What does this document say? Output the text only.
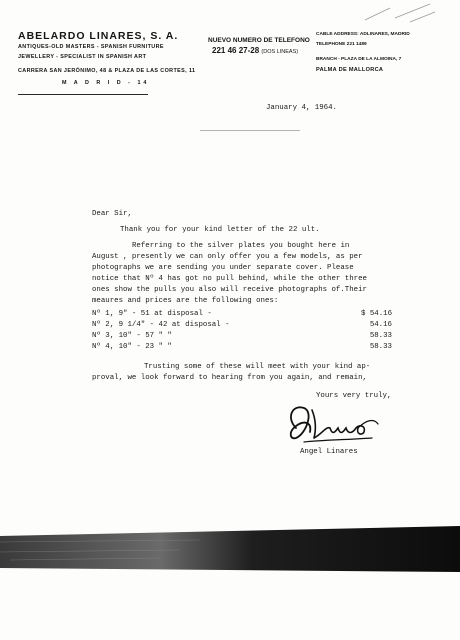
ABELARDO LINARES, S. A.
ANTIQUES-OLD MASTERS - SPANISH FURNITURE
JEWELLERY - SPECIALIST IN SPANISH ART
CARRERA SAN JERÓNIMO, 48 & PLAZA DE LAS CORTES, 11
M A D R I D - 14
NUEVO NUMERO DE TELEFONO
221 46 27-28 (DOS LINEAS)
CABLE ADDRESS: ADLINARES, MADRID
TELEPHONE 221 1489
BRANCH - PLAZA DE LA ALMOINA, 7
PALMA DE MALLORCA
January 4, 1964.
Dear Sir,
Thank you for your kind letter of the 22 ult.
Referring to the silver plates you bought here in
August , presently we can only offer you a few models, as per
photographs we are sending you under separate cover. Please
notice that Nº 4 has got no pull behind, while the other three
ones show the pulls you also will receive photographs of.Their
meaures and prices are the following ones:
Nº 1, 9" - 51 at disposal -	$ 54.16
Nº 2, 9 1/4" - 42 at disposal -	54.16
Nº 3, 10" - 57 " "	58.33
Nº 4, 10" - 23 " "	58.33
Trusting some of these will meet with your kind ap-
proval, we look forward to hearing from you again, and remain,
Yours very truly,
Angel Linares
